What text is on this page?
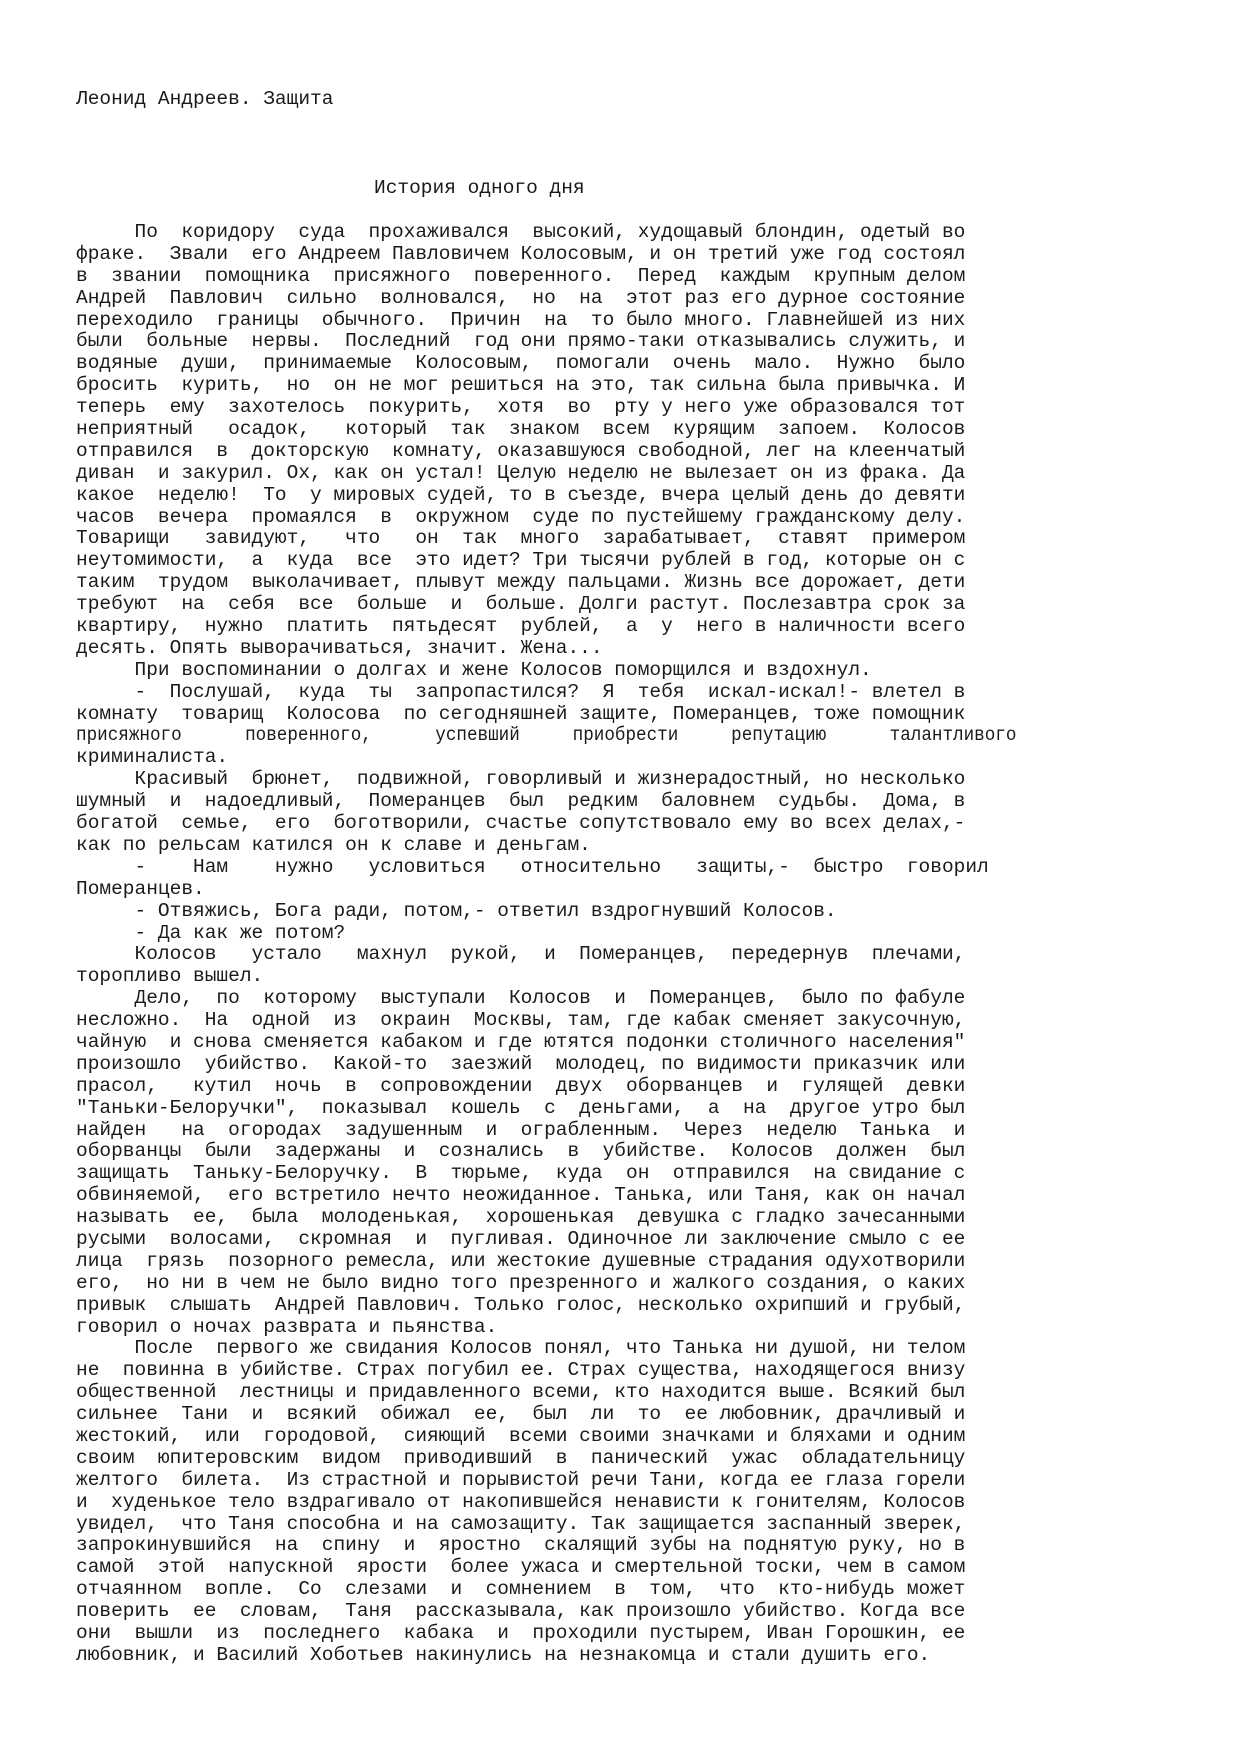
Леонид Андреев. Защита
История одного дня
По  коридору  суда  прохаживался  высокий, худощавый блондин, одетый во
фраке.  Звали  его Андреем Павловичем Колосовым, и он третий уже год состоял
в  звании  помощника  присяжного  поверенного.  Перед  каждым  крупным делом
Андрей  Павлович  сильно  волновался,  но  на  этот раз его дурное состояние
переходило  границы  обычного.  Причин  на  то было много. Главнейшей из них
были  больные  нервы.  Последний  год они прямо-таки отказывались служить, и
водяные  души,  принимаемые  Колосовым,  помогали  очень  мало.  Нужно  было
бросить  курить,  но  он не мог решиться на это, так сильна была привычка. И
теперь  ему  захотелось  покурить,  хотя  во  рту у него уже образовался тот
неприятный   осадок,   который  так  знаком  всем  курящим  запоем.  Колосов
отправился  в  докторскую  комнату, оказавшуюся свободной, лег на клеенчатый
диван  и закурил. Ох, как он устал! Целую неделю не вылезает он из фрака. Да
какое  неделю!  То  у мировых судей, то в съезде, вчера целый день до девяти
часов  вечера  промаялся  в  окружном  суде по пустейшему гражданскому делу.
Товарищи   завидуют,   что   он  так  много  зарабатывает,  ставят  примером
неутомимости,  а  куда  все  это идет? Три тысячи рублей в год, которые он с
таким  трудом  выколачивает, плывут между пальцами. Жизнь все дорожает, дети
требуют  на  себя  все  больше  и  больше. Долги растут. Послезавтра срок за
квартиру,  нужно  платить  пятьдесят  рублей,  а  у  него в наличности всего
десять. Опять выворачиваться, значит. Жена...
При воспоминании о долгах и жене Колосов поморщился и вздохнул.
-  Послушай,  куда  ты  запропастился?  Я  тебя  искал-искал!- влетел в
комнату  товарищ  Колосова  по сегодняшней защите, Померанцев, тоже помощник
присяжного      поверенного,      успевший     приобрести     репутацию      талантливого
криминалиста.
Красивый  брюнет,  подвижной, говорливый и жизнерадостный, но несколько
шумный  и  надоедливый,  Померанцев  был  редким  баловнем  судьбы.  Дома, в
богатой  семье,  его  боготворили, счастье сопутствовало ему во всех делах,-
как по рельсам катился он к славе и деньгам.
-    Нам    нужно   условиться   относительно   защиты,-  быстро  говорил
Померанцев.
- Отвяжись, Бога ради, потом,- ответил вздрогнувший Колосов.
- Да как же потом?
Колосов   устало   махнул  рукой,  и  Померанцев,  передернув  плечами,
торопливо вышел.
Дело,  по  которому  выступали  Колосов  и  Померанцев,  было по фабуле
несложно.  На  одной  из  окраин  Москвы, там, где кабак сменяет закусочную,
чайную  и снова сменяется кабаком и где ютятся подонки столичного населения"
произошло  убийство.  Какой-то  заезжий  молодец, по видимости приказчик или
прасол,   кутил  ночь  в  сопровождении  двух  оборванцев  и  гулящей  девки
"Таньки-Белоручки",  показывал  кошель  с  деньгами,  а  на  другое утро был
найден   на  огородах  задушенным  и  ограбленным.  Через  неделю  Танька  и
оборванцы  были  задержаны  и  сознались  в  убийстве.  Колосов  должен  был
защищать  Таньку-Белоручку.  В  тюрьме,  куда  он  отправился  на свидание с
обвиняемой,  его встретило нечто неожиданное. Танька, или Таня, как он начал
называть  ее,  была  молоденькая,  хорошенькая  девушка с гладко зачесанными
русыми  волосами,  скромная  и  пугливая. Одиночное ли заключение смыло с ее
лица  грязь  позорного ремесла, или жестокие душевные страдания одухотворили
его,  но ни в чем не было видно того презренного и жалкого создания, о каких
привык  слышать  Андрей Павлович. Только голос, несколько охрипший и грубый,
говорил о ночах разврата и пьянства.
После  первого же свидания Колосов понял, что Танька ни душой, ни телом
не  повинна в убийстве. Страх погубил ее. Страх существа, находящегося внизу
общественной  лестницы и придавленного всеми, кто находится выше. Всякий был
сильнее  Тани  и  всякий  обижал  ее,  был  ли  то  ее любовник, драчливый и
жестокий,  или  городовой,  сияющий  всеми своими значками и бляхами и одним
своим  юпитеровским  видом  приводивший  в  панический  ужас  обладательницу
желтого  билета.  Из страстной и порывистой речи Тани, когда ее глаза горели
и  худенькое тело вздрагивало от накопившейся ненависти к гонителям, Колосов
увидел,  что Таня способна и на самозащиту. Так защищается заспанный зверек,
запрокинувшийся  на  спину  и  яростно  скалящий зубы на поднятую руку, но в
самой  этой  напускной  ярости  более ужаса и смертельной тоски, чем в самом
отчаянном  вопле.  Со  слезами  и  сомнением  в  том,  что  кто-нибудь может
поверить  ее  словам,  Таня  рассказывала, как произошло убийство. Когда все
они  вышли  из  последнего  кабака  и  проходили пустырем, Иван Горошкин, ее
любовник, и Василий Хоботьев накинулись на незнакомца и стали душить его.
